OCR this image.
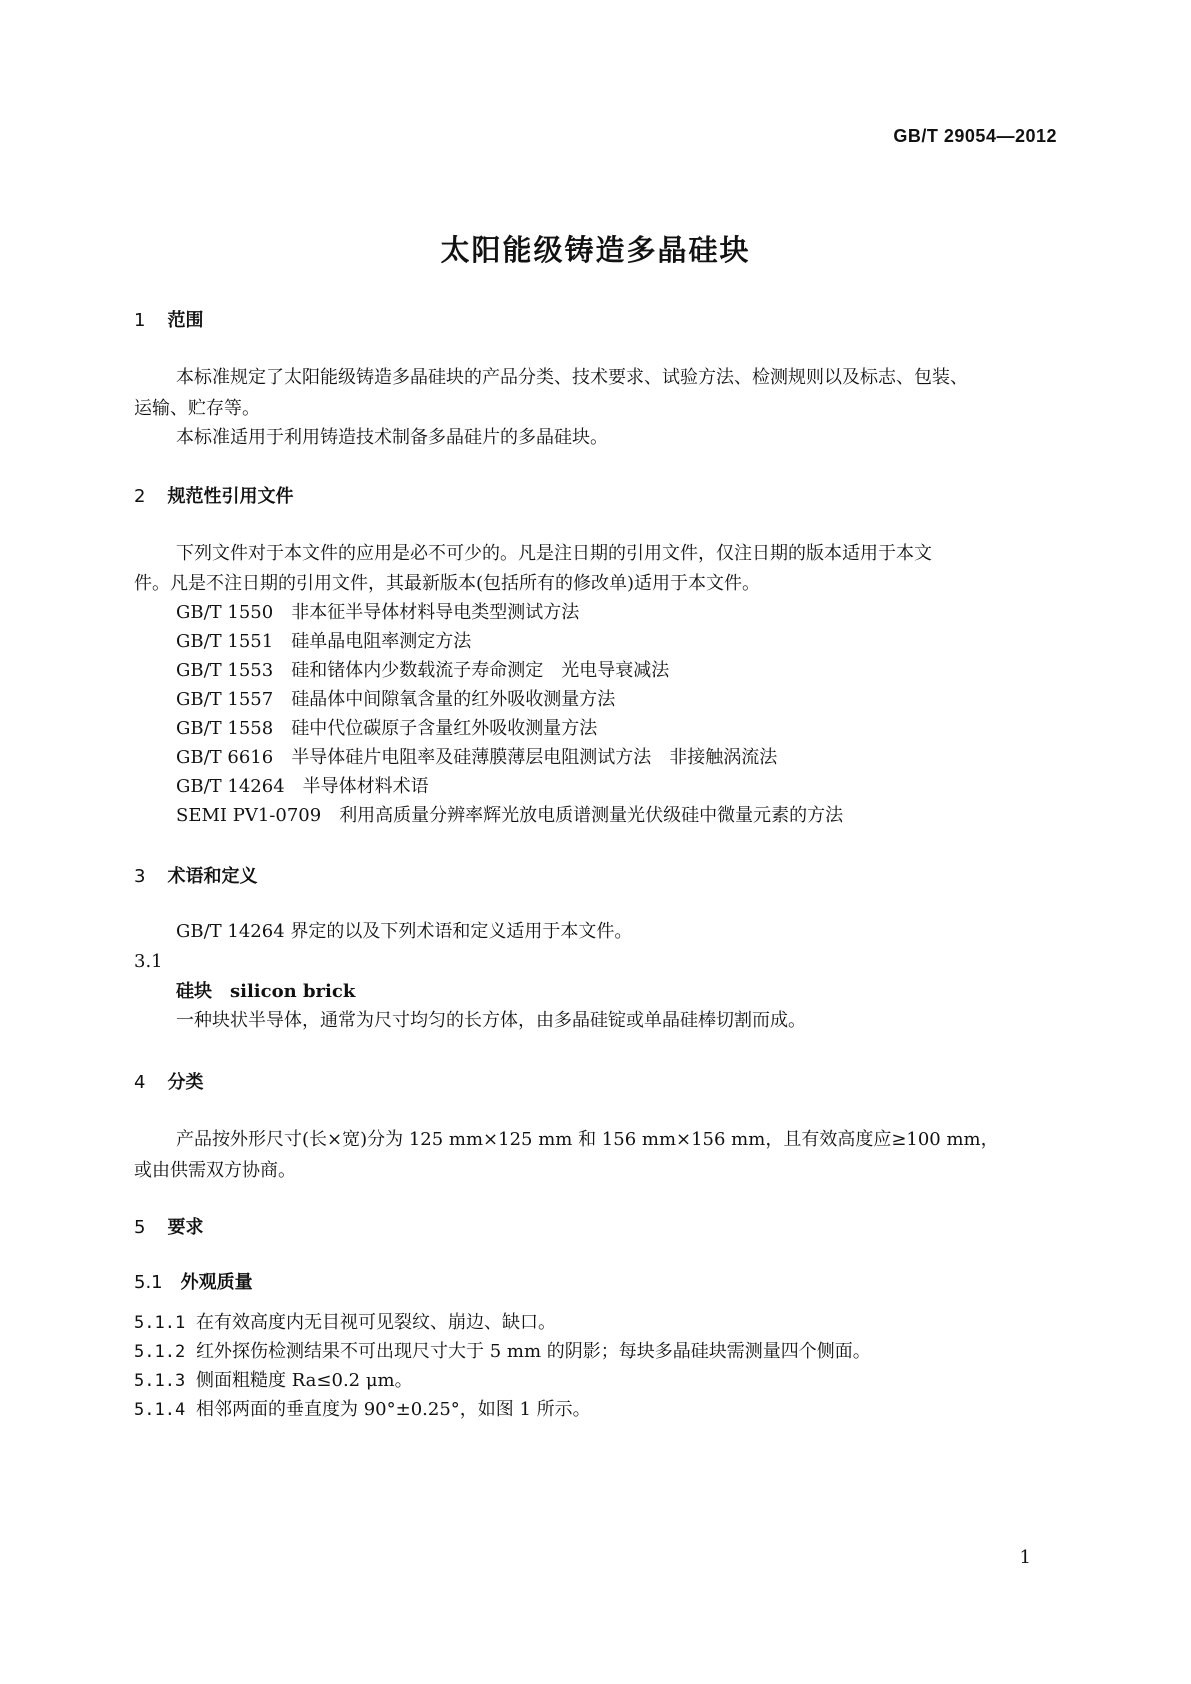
GB/T 29054—2012
太阳能级铸造多晶硅块
1 范围
本标准规定了太阳能级铸造多晶硅块的产品分类、技术要求、试验方法、检测规则以及标志、包装、
运输、贮存等。
本标准适用于利用铸造技术制备多晶硅片的多晶硅块。
2 规范性引用文件
下列文件对于本文件的应用是必不可少的。凡是注日期的引用文件，仅注日期的版本适用于本文
件。凡是不注日期的引用文件，其最新版本(包括所有的修改单)适用于本文件。
GB/T 1550 非本征半导体材料导电类型测试方法
GB/T 1551 硅单晶电阻率测定方法
GB/T 1553 硅和锗体内少数载流子寿命测定　光电导衰减法
GB/T 1557 硅晶体中间隙氧含量的红外吸收测量方法
GB/T 1558 硅中代位碳原子含量红外吸收测量方法
GB/T 6616 半导体硅片电阻率及硅薄膜薄层电阻测试方法　非接触涡流法
GB/T 14264 半导体材料术语
SEMI PV1-0709 利用高质量分辨率辉光放电质谱测量光伏级硅中微量元素的方法
3 术语和定义
GB/T 14264 界定的以及下列术语和定义适用于本文件。
3.1
硅块 silicon brick
一种块状半导体，通常为尺寸均匀的长方体，由多晶硅锭或单晶硅棒切割而成。
4 分类
产品按外形尺寸(长×宽)分为 125 mm×125 mm 和 156 mm×156 mm，且有效高度应≥100 mm，
或由供需双方协商。
5 要求
5.1 外观质量
5.1.1 在有效高度内无目视可见裂纹、崩边、缺口。
5.1.2 红外探伤检测结果不可出现尺寸大于 5 mm 的阴影；每块多晶硅块需测量四个侧面。
5.1.3 侧面粗糙度 Ra≤0.2 μm。
5.1.4 相邻两面的垂直度为 90°±0.25°，如图 1 所示。
1
